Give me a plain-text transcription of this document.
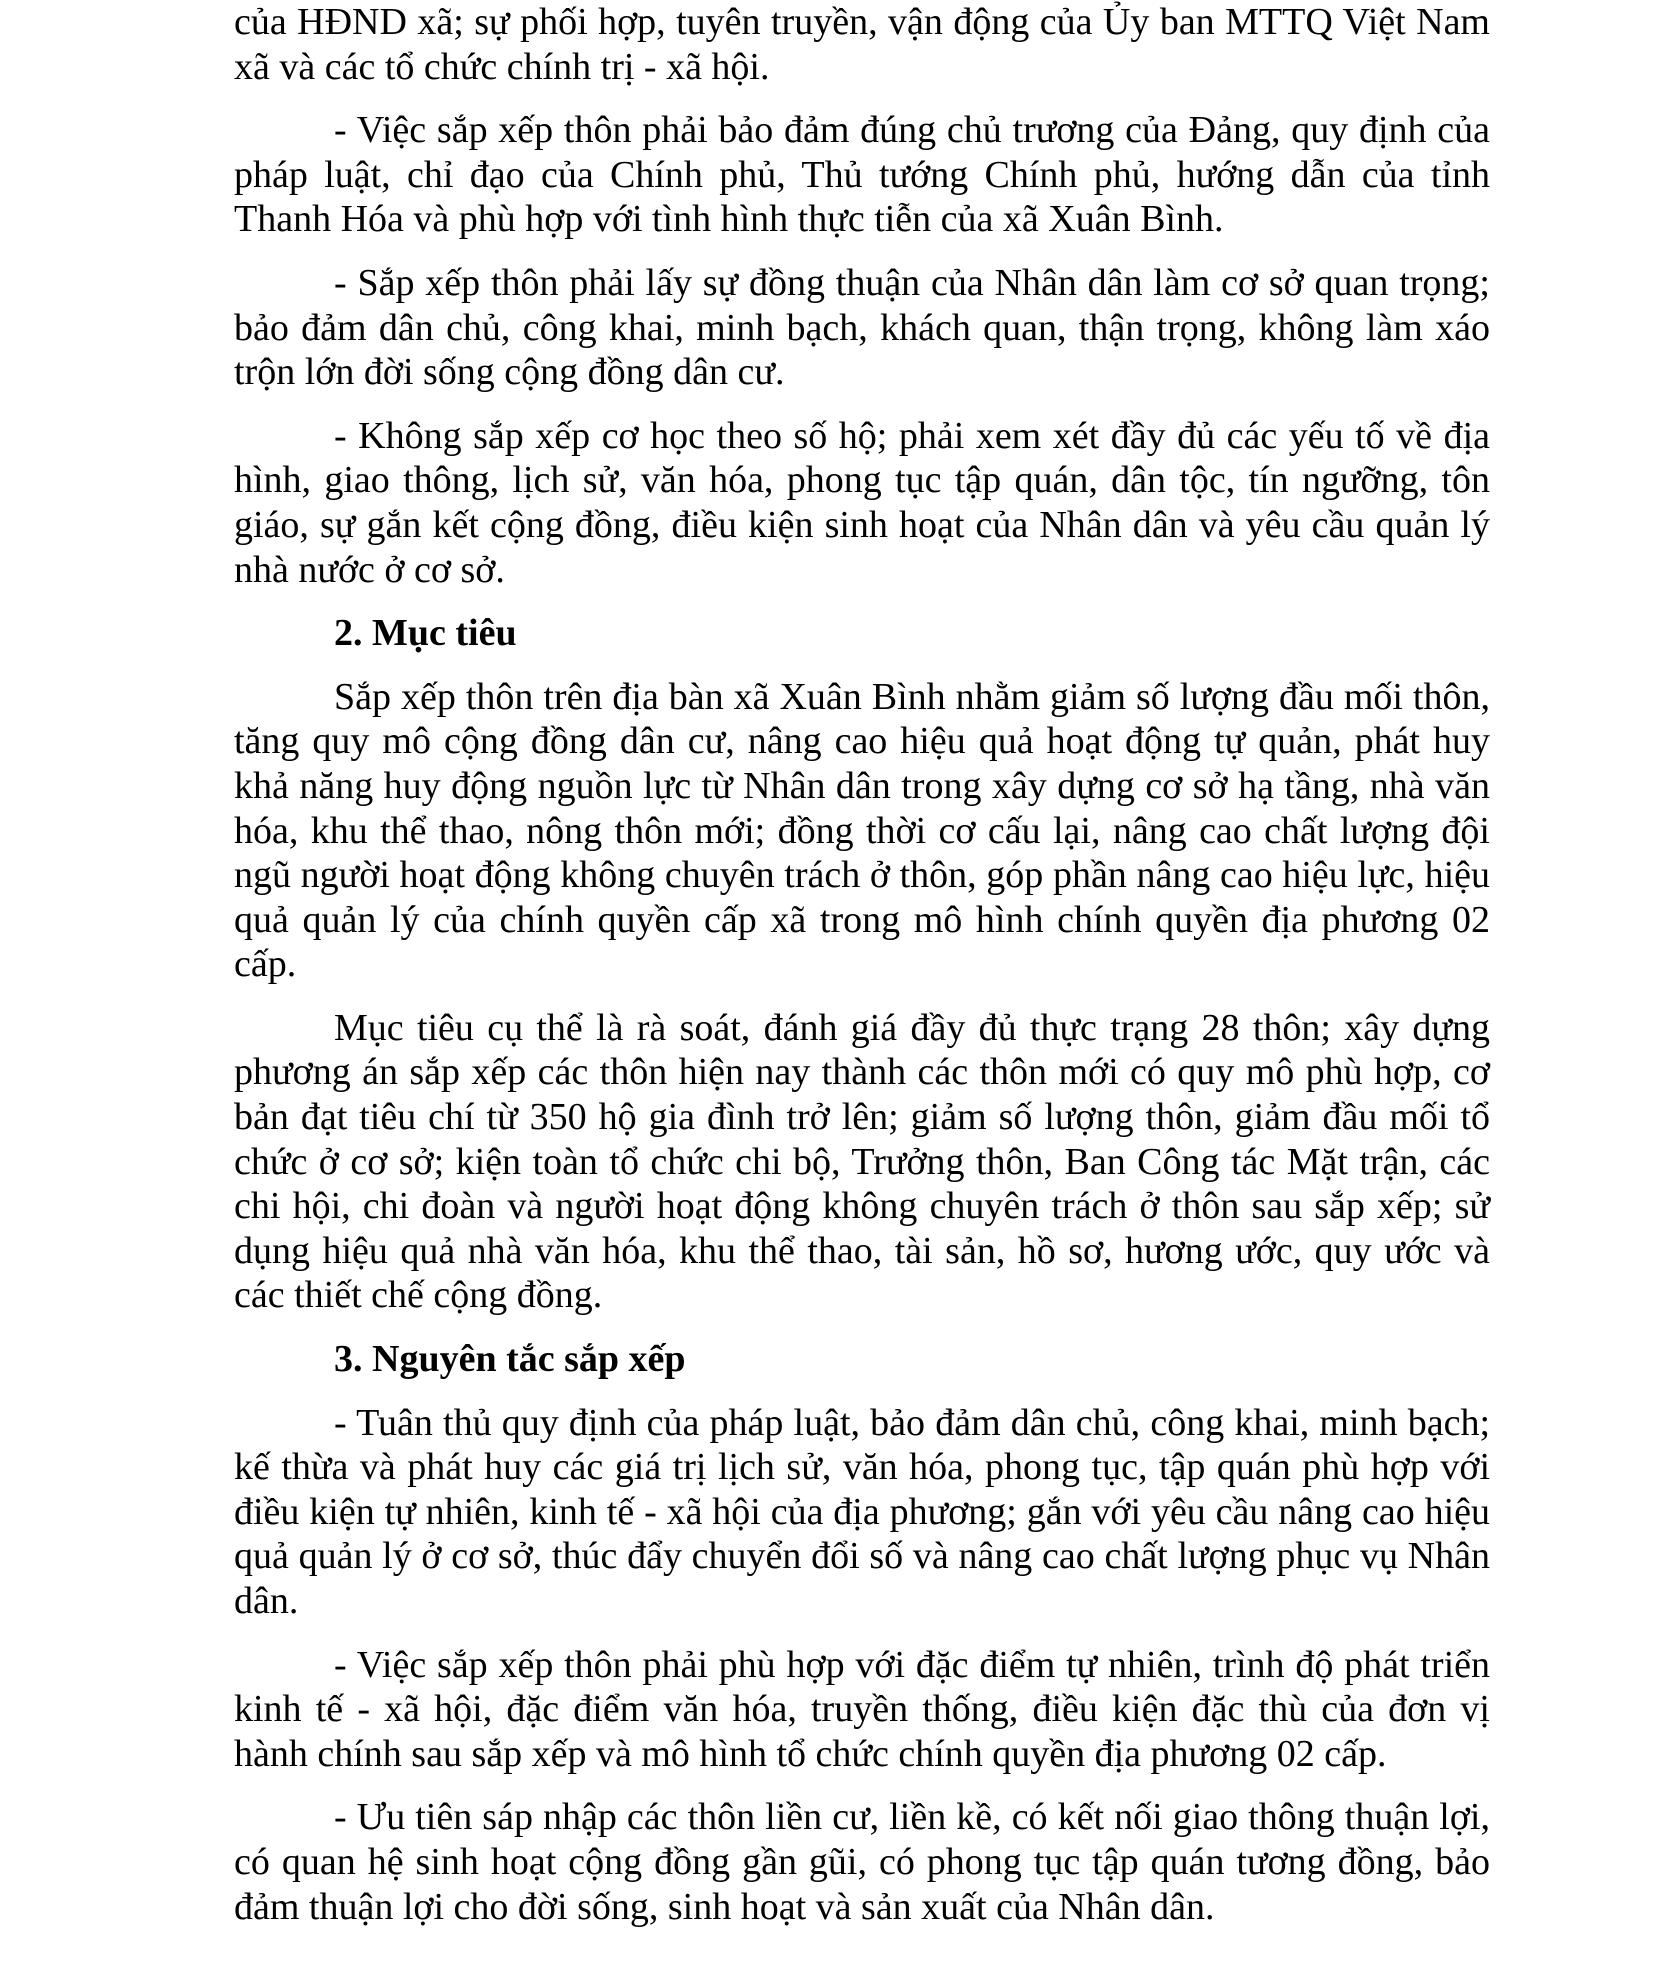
của HĐND xã; sự phối hợp, tuyên truyền, vận động của Ủy ban MTTQ Việt Nam xã và các tổ chức chính trị - xã hội.

- Việc sắp xếp thôn phải bảo đảm đúng chủ trương của Đảng, quy định của pháp luật, chỉ đạo của Chính phủ, Thủ tướng Chính phủ, hướng dẫn của tỉnh Thanh Hóa và phù hợp với tình hình thực tiễn của xã Xuân Bình.

- Sắp xếp thôn phải lấy sự đồng thuận của Nhân dân làm cơ sở quan trọng; bảo đảm dân chủ, công khai, minh bạch, khách quan, thận trọng, không làm xáo trộn lớn đời sống cộng đồng dân cư.

- Không sắp xếp cơ học theo số hộ; phải xem xét đầy đủ các yếu tố về địa hình, giao thông, lịch sử, văn hóa, phong tục tập quán, dân tộc, tín ngưỡng, tôn giáo, sự gắn kết cộng đồng, điều kiện sinh hoạt của Nhân dân và yêu cầu quản lý nhà nước ở cơ sở.

2. Mục tiêu

Sắp xếp thôn trên địa bàn xã Xuân Bình nhằm giảm số lượng đầu mối thôn, tăng quy mô cộng đồng dân cư, nâng cao hiệu quả hoạt động tự quản, phát huy khả năng huy động nguồn lực từ Nhân dân trong xây dựng cơ sở hạ tầng, nhà văn hóa, khu thể thao, nông thôn mới; đồng thời cơ cấu lại, nâng cao chất lượng đội ngũ người hoạt động không chuyên trách ở thôn, góp phần nâng cao hiệu lực, hiệu quả quản lý của chính quyền cấp xã trong mô hình chính quyền địa phương 02 cấp.

Mục tiêu cụ thể là rà soát, đánh giá đầy đủ thực trạng 28 thôn; xây dựng phương án sắp xếp các thôn hiện nay thành các thôn mới có quy mô phù hợp, cơ bản đạt tiêu chí từ 350 hộ gia đình trở lên; giảm số lượng thôn, giảm đầu mối tổ chức ở cơ sở; kiện toàn tổ chức chi bộ, Trưởng thôn, Ban Công tác Mặt trận, các chi hội, chi đoàn và người hoạt động không chuyên trách ở thôn sau sắp xếp; sử dụng hiệu quả nhà văn hóa, khu thể thao, tài sản, hồ sơ, hương ước, quy ước và các thiết chế cộng đồng.

3. Nguyên tắc sắp xếp

- Tuân thủ quy định của pháp luật, bảo đảm dân chủ, công khai, minh bạch; kế thừa và phát huy các giá trị lịch sử, văn hóa, phong tục, tập quán phù hợp với điều kiện tự nhiên, kinh tế - xã hội của địa phương; gắn với yêu cầu nâng cao hiệu quả quản lý ở cơ sở, thúc đẩy chuyển đổi số và nâng cao chất lượng phục vụ Nhân dân.

- Việc sắp xếp thôn phải phù hợp với đặc điểm tự nhiên, trình độ phát triển kinh tế - xã hội, đặc điểm văn hóa, truyền thống, điều kiện đặc thù của đơn vị hành chính sau sắp xếp và mô hình tổ chức chính quyền địa phương 02 cấp.

- Ưu tiên sáp nhập các thôn liền cư, liền kề, có kết nối giao thông thuận lợi, có quan hệ sinh hoạt cộng đồng gần gũi, có phong tục tập quán tương đồng, bảo đảm thuận lợi cho đời sống, sinh hoạt và sản xuất của Nhân dân.
